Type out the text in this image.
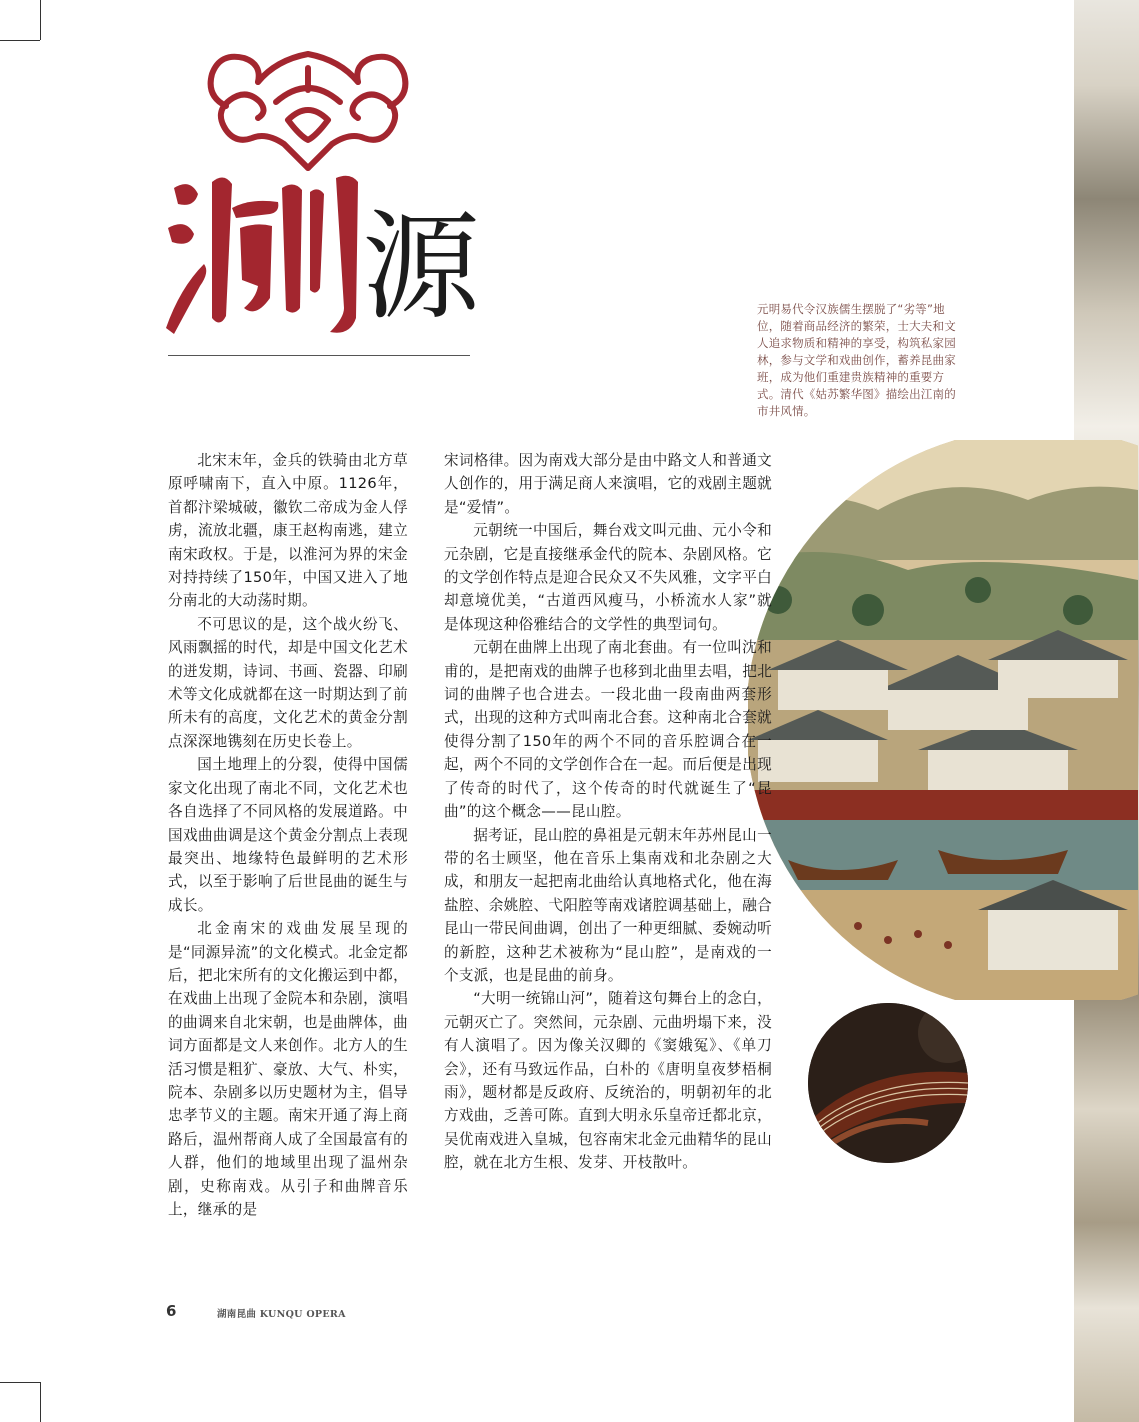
源	元明易代令汉族儒生摆脱了“劣等”地位，随着商品经济的繁荣，士大夫和文人追求物质和精神的享受，构筑私家园林，参与文学和戏曲创作，蓄养昆曲家班，成为他们重建贵族精神的重要方式。清代《姑苏繁华图》描绘出江南的市井风情。

北宋末年，金兵的铁骑由北方草原呼啸南下，直入中原。1126年，首都汴梁城破，徽钦二帝成为金人俘虏，流放北疆，康王赵构南逃，建立南宋政权。于是，以淮河为界的宋金对持持续了150年，中国又进入了地分南北的大动荡时期。

不可思议的是，这个战火纷飞、风雨飘摇的时代，却是中国文化艺术的迸发期，诗词、书画、瓷器、印刷术等文化成就都在这一时期达到了前所未有的高度，文化艺术的黄金分割点深深地镌刻在历史长卷上。

国土地理上的分裂，使得中国儒家文化出现了南北不同，文化艺术也各自选择了不同风格的发展道路。中国戏曲曲调是这个黄金分割点上表现最突出、地缘特色最鲜明的艺术形式，以至于影响了后世昆曲的诞生与成长。

北金南宋的戏曲发展呈现的是“同源异流”的文化模式。北金定都后，把北宋所有的文化搬运到中都，在戏曲上出现了金院本和杂剧，演唱的曲调来自北宋朝，也是曲牌体，曲词方面都是文人来创作。北方人的生活习惯是粗犷、豪放、大气、朴实，院本、杂剧多以历史题材为主，倡导忠孝节义的主题。南宋开通了海上商路后，温州帮商人成了全国最富有的人群，他们的地域里出现了温州杂剧，史称南戏。从引子和曲牌音乐上，继承的是

宋词格律。因为南戏大部分是由中路文人和普通文人创作的，用于满足商人来演唱，它的戏剧主题就是“爱情”。

元朝统一中国后，舞台戏文叫元曲、元小令和元杂剧，它是直接继承金代的院本、杂剧风格。它的文学创作特点是迎合民众又不失风雅，文字平白却意境优美，“古道西风瘦马，小桥流水人家”就是体现这种俗雅结合的文学性的典型词句。

元朝在曲牌上出现了南北套曲。有一位叫沈和甫的，是把南戏的曲牌子也移到北曲里去唱，把北词的曲牌子也合进去。一段北曲一段南曲两套形式，出现的这种方式叫南北合套。这种南北合套就使得分割了150年的两个不同的音乐腔调合在一起，两个不同的文学创作合在一起。而后便是出现了传奇的时代了，这个传奇的时代就诞生了“昆曲”的这个概念——昆山腔。

据考证，昆山腔的鼻祖是元朝末年苏州昆山一带的名士顾坚，他在音乐上集南戏和北杂剧之大成，和朋友一起把南北曲给认真地格式化，他在海盐腔、余姚腔、弋阳腔等南戏诸腔调基础上，融合昆山一带民间曲调，创出了一种更细腻、委婉动听的新腔，这种艺术被称为“昆山腔”，是南戏的一个支派，也是昆曲的前身。

“大明一统锦山河”，随着这句舞台上的念白，元朝灭亡了。突然间，元杂剧、元曲坍塌下来，没有人演唱了。因为像关汉卿的《窦娥冤》、《单刀会》，还有马致远作品，白朴的《唐明皇夜梦梧桐雨》，题材都是反政府、反统治的，明朝初年的北方戏曲，乏善可陈。直到大明永乐皇帝迁都北京，吴优南戏进入皇城，包容南宋北金元曲精华的昆山腔，就在北方生根、发芽、开枝散叶。

6	湖南昆曲 KUNQU OPERA
